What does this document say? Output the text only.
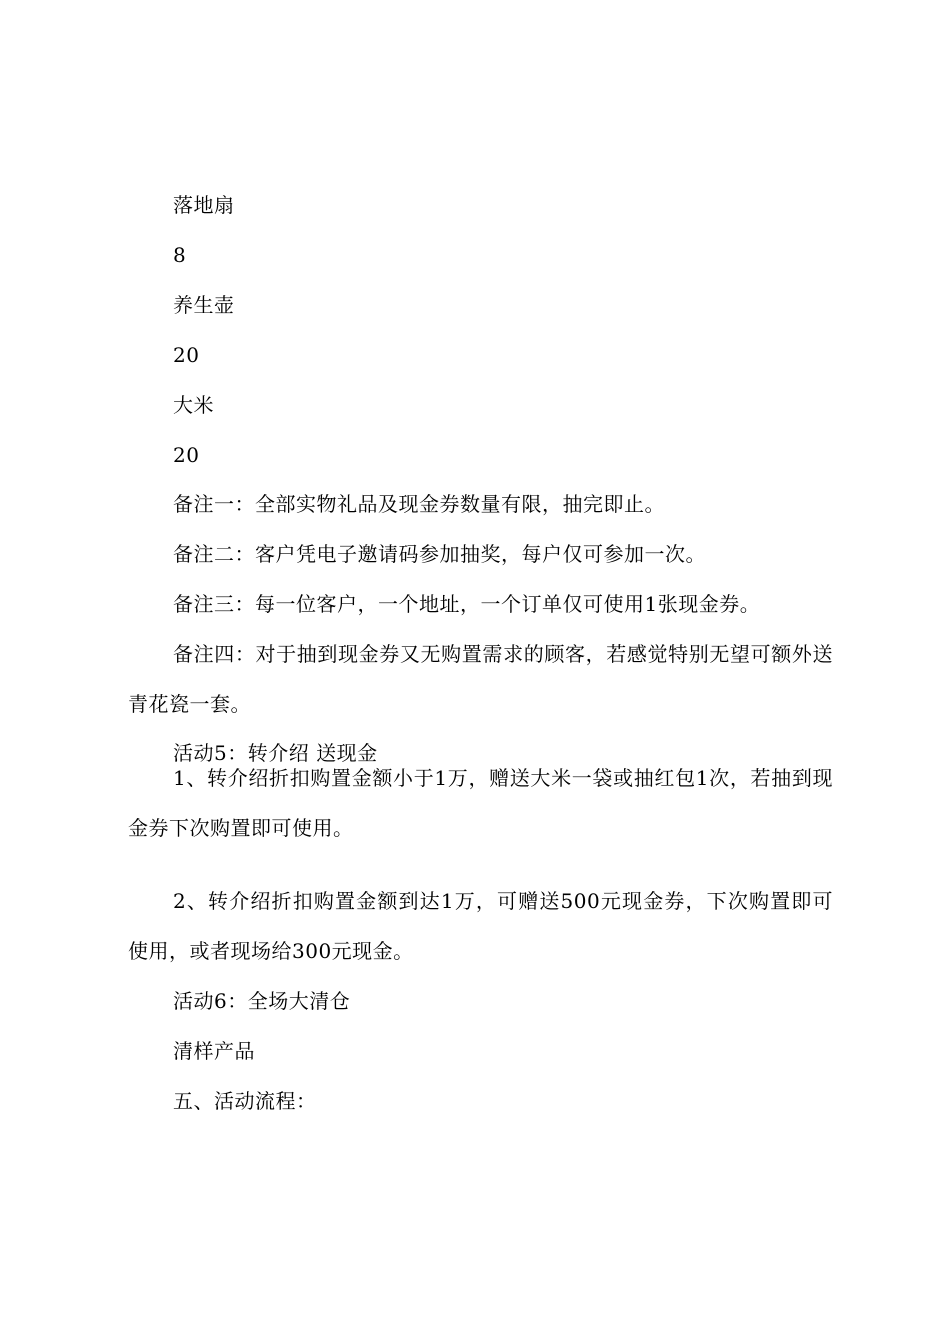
落地扇
8
养生壶
20
大米
20
备注一：全部实物礼品及现金券数量有限，抽完即止。
备注二：客户凭电子邀请码参加抽奖，每户仅可参加一次。
备注三：每一位客户，一个地址，一个订单仅可使用1张现金券。
备注四：对于抽到现金券又无购置需求的顾客，若感觉特别无望可额外送青花瓷一套。
活动5：转介绍 送现金
1、转介绍折扣购置金额小于1万，赠送大米一袋或抽红包1次，若抽到现金券下次购置即可使用。
2、转介绍折扣购置金额到达1万，可赠送500元现金券，下次购置即可使用，或者现场给300元现金。
活动6：全场大清仓
清样产品
五、活动流程：
